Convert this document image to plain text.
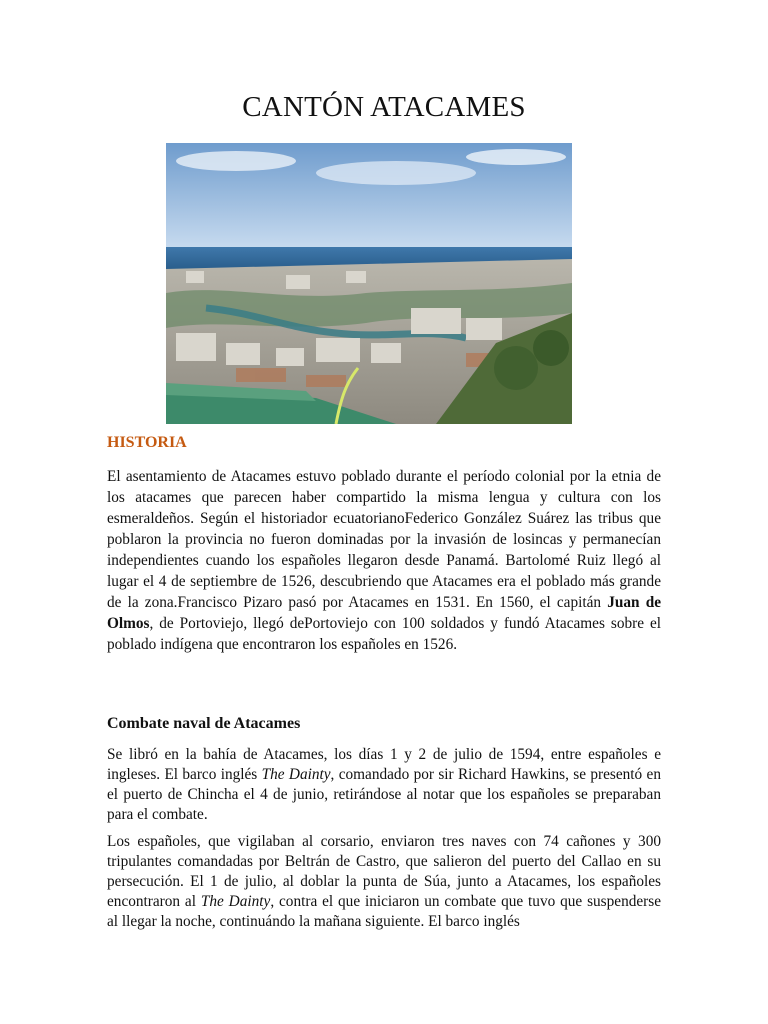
CANTÓN ATACAMES
HISTORIA

El asentamiento de Atacames estuvo poblado durante el período colonial por la etnia de los atacames que parecen haber compartido la misma lengua y cultura con los esmeraldeños. Según el historiador ecuatorianoFederico González Suárez las tribus que poblaron la provincia no fueron dominadas por la invasión de losincas y permanecían independientes cuando los españoles llegaron desde Panamá. Bartolomé Ruiz llegó al lugar el 4 de septiembre de 1526, descubriendo que Atacames era el poblado más grande de la zona.Francisco Pizaro pasó por Atacames en 1531. En 1560, el capitán Juan de Olmos, de Portoviejo, llegó dePortoviejo con 100 soldados y fundó Atacames sobre el poblado indígena que encontraron los españoles en 1526.

Combate naval de Atacames

Se libró en la bahía de Atacames, los días 1 y 2 de julio de 1594, entre españoles e ingleses. El barco inglés The Dainty, comandado por sir Richard Hawkins, se presentó en el puerto de Chincha el 4 de junio, retirándose al notar que los españoles se preparaban para el combate.

Los españoles, que vigilaban al corsario, enviaron tres naves con 74 cañones y 300 tripulantes comandadas por Beltrán de Castro, que salieron del puerto del Callao en su persecución. El 1 de julio, al doblar la punta de Súa, junto a Atacames, los españoles encontraron al The Dainty, contra el que iniciaron un combate que tuvo que suspenderse al llegar la noche, continuándo la mañana siguiente. El barco inglés
